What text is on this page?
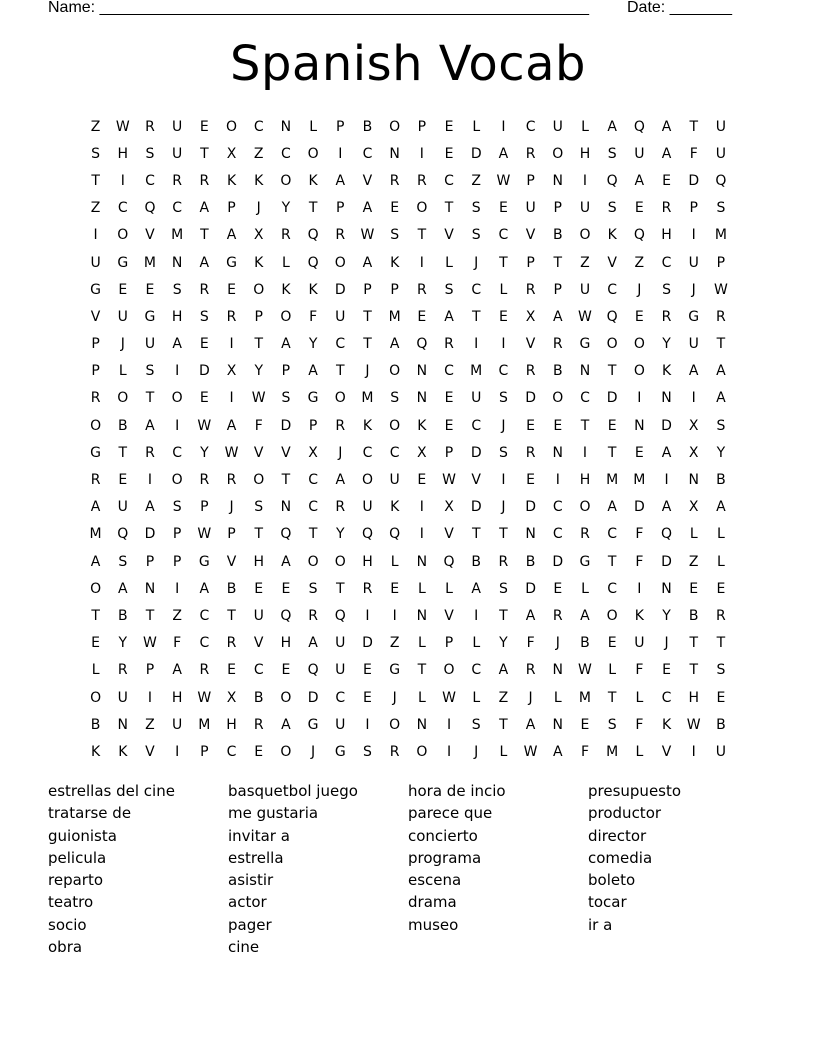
Name: _______________________________________________________ Date: _______
Spanish Vocab
Z	W	R	U	E	O	C	N	L	P	B	O	P	E	L	I	C	U	L	A	Q	A	T	U
S	H	S	U	T	X	Z	C	O	I	C	N	I	E	D	A	R	O	H	S	U	A	F	U
T	I	C	R	R	K	K	O	K	A	V	R	R	C	Z	W	P	N	I	Q	A	E	D	Q
Z	C	Q	C	A	P	J	Y	T	P	A	E	O	T	S	E	U	P	U	S	E	R	P	S
I	O	V	M	T	A	X	R	Q	R	W	S	T	V	S	C	V	B	O	K	Q	H	I	M
U	G	M	N	A	G	K	L	Q	O	A	K	I	L	J	T	P	T	Z	V	Z	C	U	P
G	E	E	S	R	E	O	K	K	D	P	P	R	S	C	L	R	P	U	C	J	S	J	W
V	U	G	H	S	R	P	O	F	U	T	M	E	A	T	E	X	A	W	Q	E	R	G	R
P	J	U	A	E	I	T	A	Y	C	T	A	Q	R	I	I	V	R	G	O	O	Y	U	T
P	L	S	I	D	X	Y	P	A	T	J	O	N	C	M	C	R	B	N	T	O	K	A	A
R	O	T	O	E	I	W	S	G	O	M	S	N	E	U	S	D	O	C	D	I	N	I	A
O	B	A	I	W	A	F	D	P	R	K	O	K	E	C	J	E	E	T	E	N	D	X	S
G	T	R	C	Y	W	V	V	X	J	C	C	X	P	D	S	R	N	I	T	E	A	X	Y
R	E	I	O	R	R	O	T	C	A	O	U	E	W	V	I	E	I	H	M	M	I	N	B
A	U	A	S	P	J	S	N	C	R	U	K	I	X	D	J	D	C	O	A	D	A	X	A
M	Q	D	P	W	P	T	Q	T	Y	Q	Q	I	V	T	T	N	C	R	C	F	Q	L	L
A	S	P	P	G	V	H	A	O	O	H	L	N	Q	B	R	B	D	G	T	F	D	Z	L
O	A	N	I	A	B	E	E	S	T	R	E	L	L	A	S	D	E	L	C	I	N	E	E
T	B	T	Z	C	T	U	Q	R	Q	I	I	N	V	I	T	A	R	A	O	K	Y	B	R
E	Y	W	F	C	R	V	H	A	U	D	Z	L	P	L	Y	F	J	B	E	U	J	T	T
L	R	P	A	R	E	C	E	Q	U	E	G	T	O	C	A	R	N	W	L	F	E	T	S
O	U	I	H	W	X	B	O	D	C	E	J	L	W	L	Z	J	L	M	T	L	C	H	E
B	N	Z	U	M	H	R	A	G	U	I	O	N	I	S	T	A	N	E	S	F	K	W	B
K	K	V	I	P	C	E	O	J	G	S	R	O	I	J	L	W	A	F	M	L	V	I	U
estrellas del cine
tratarse de
guionista
pelicula
reparto
teatro
socio
obra
basquetbol juego
me gustaria
invitar a
estrella
asistir
actor
pager
cine
hora de incio
parece que
concierto
programa
escena
drama
museo
presupuesto
productor
director
comedia
boleto
tocar
ir a
